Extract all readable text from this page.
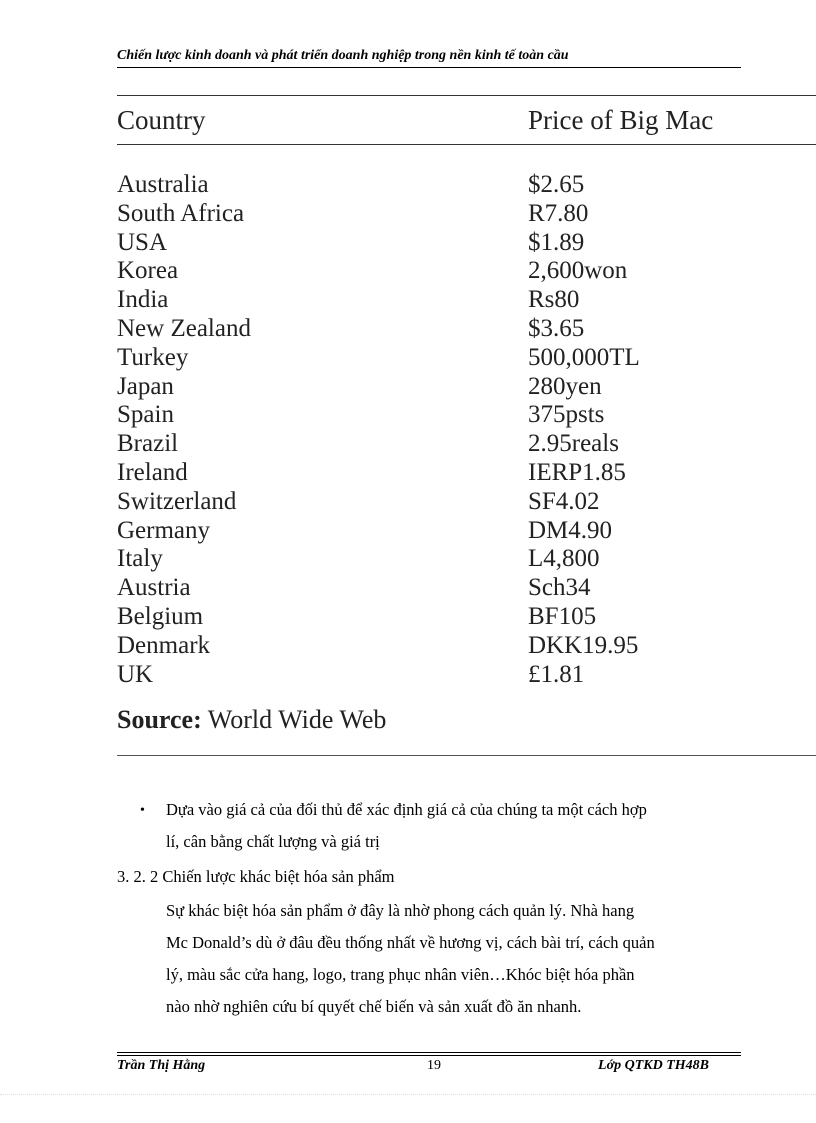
Chiến lược kinh doanh và phát triển doanh nghiệp trong nền kinh tế toàn cầu
Country	Price of Big Mac
Australia	$2.65
South Africa	R7.80
USA	$1.89
Korea	2,600won
India	Rs80
New Zealand	$3.65
Turkey	500,000TL
Japan	280yen
Spain	375psts
Brazil	2.95reals
Ireland	IERP1.85
Switzerland	SF4.02
Germany	DM4.90
Italy	L4,800
Austria	Sch34
Belgium	BF105
Denmark	DKK19.95
UK	£1.81
Source: World Wide Web
• Dựa vào giá cả của đối thủ để xác định giá cả của chúng ta một cách hợp
lí, cân bằng chất lượng và giá trị
3. 2. 2 Chiến lược khác biệt hóa sản phẩm
Sự khác biệt hóa sản phẩm ở đây là nhờ phong cách quản lý. Nhà hang
Mc Donald’s dù ở đâu đều thống nhất về hương vị, cách bài trí, cách quản
lý, màu sắc cửa hang, logo, trang phục nhân viên…Khóc biệt hóa phần
nào nhờ nghiên cứu bí quyết chế biến và sản xuất đồ ăn nhanh.
Trần Thị Hằng	19	Lớp QTKD TH48B
